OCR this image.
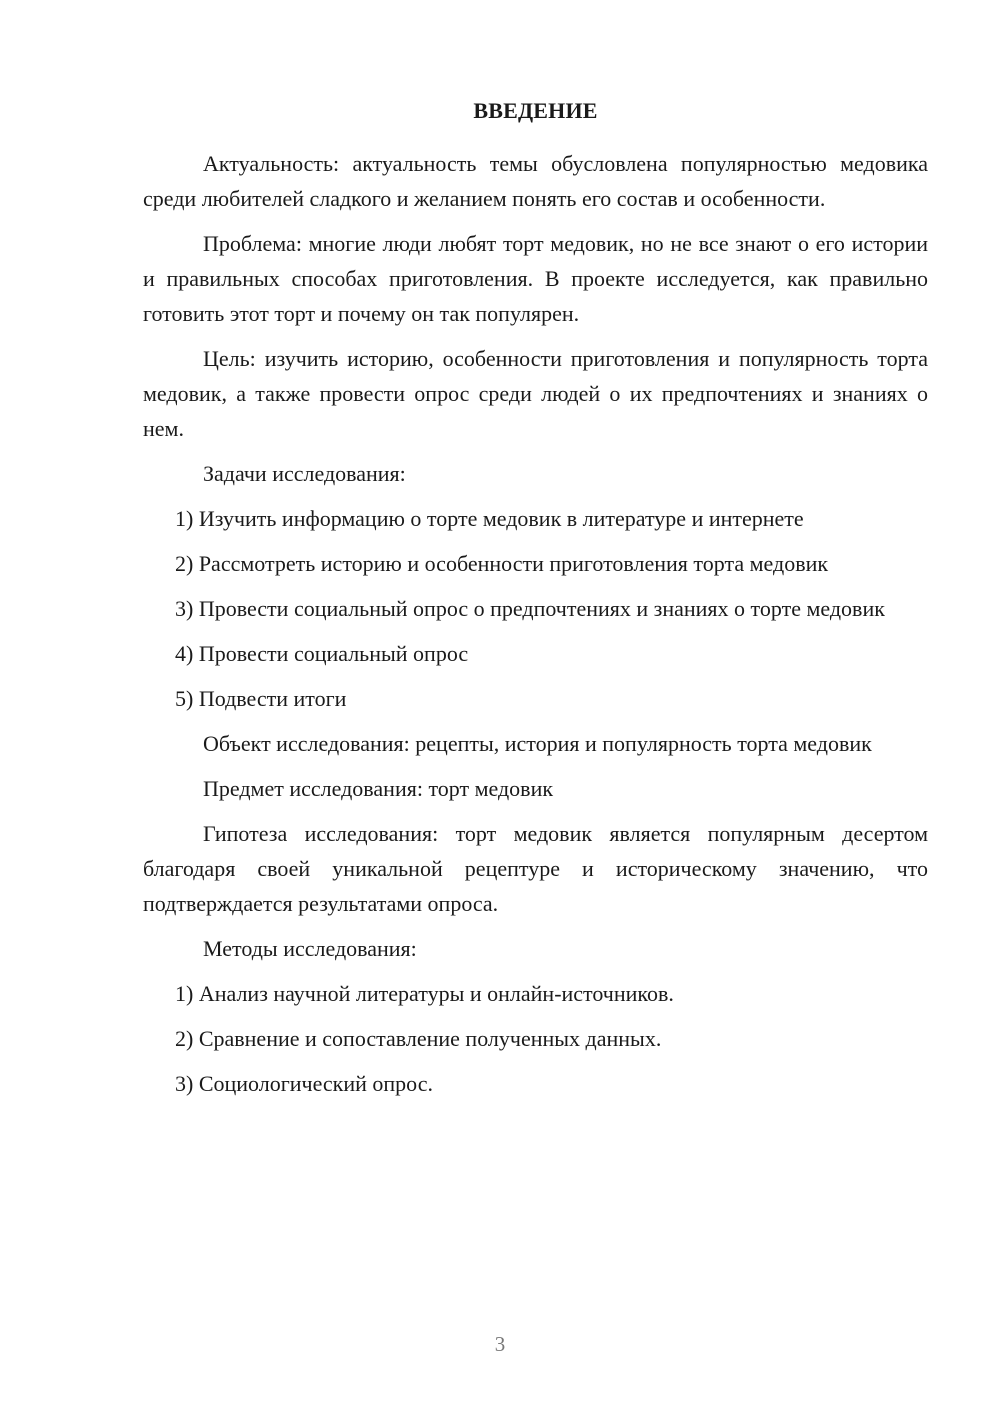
ВВЕДЕНИЕ

Актуальность: актуальность темы обусловлена популярностью медовика среди любителей сладкого и желанием понять его состав и особенности.

Проблема: многие люди любят торт медовик, но не все знают о его истории и правильных способах приготовления. В проекте исследуется, как правильно готовить этот торт и почему он так популярен.

Цель: изучить историю, особенности приготовления и популярность торта медовик, а также провести опрос среди людей о их предпочтениях и знаниях о нем.

Задачи исследования:

1) Изучить информацию о торте медовик в литературе и интернете

2) Рассмотреть историю и особенности приготовления торта медовик

3) Провести социальный опрос о предпочтениях и знаниях о торте медовик

4) Провести социальный опрос

5) Подвести итоги

Объект исследования: рецепты, история и популярность торта медовик

Предмет исследования: торт медовик

Гипотеза исследования: торт медовик является популярным десертом благодаря своей уникальной рецептуре и историческому значению, что подтверждается результатами опроса.

Методы исследования:

1) Анализ научной литературы и онлайн-источников.

2) Сравнение и сопоставление полученных данных.

3) Социологический опрос.

3
